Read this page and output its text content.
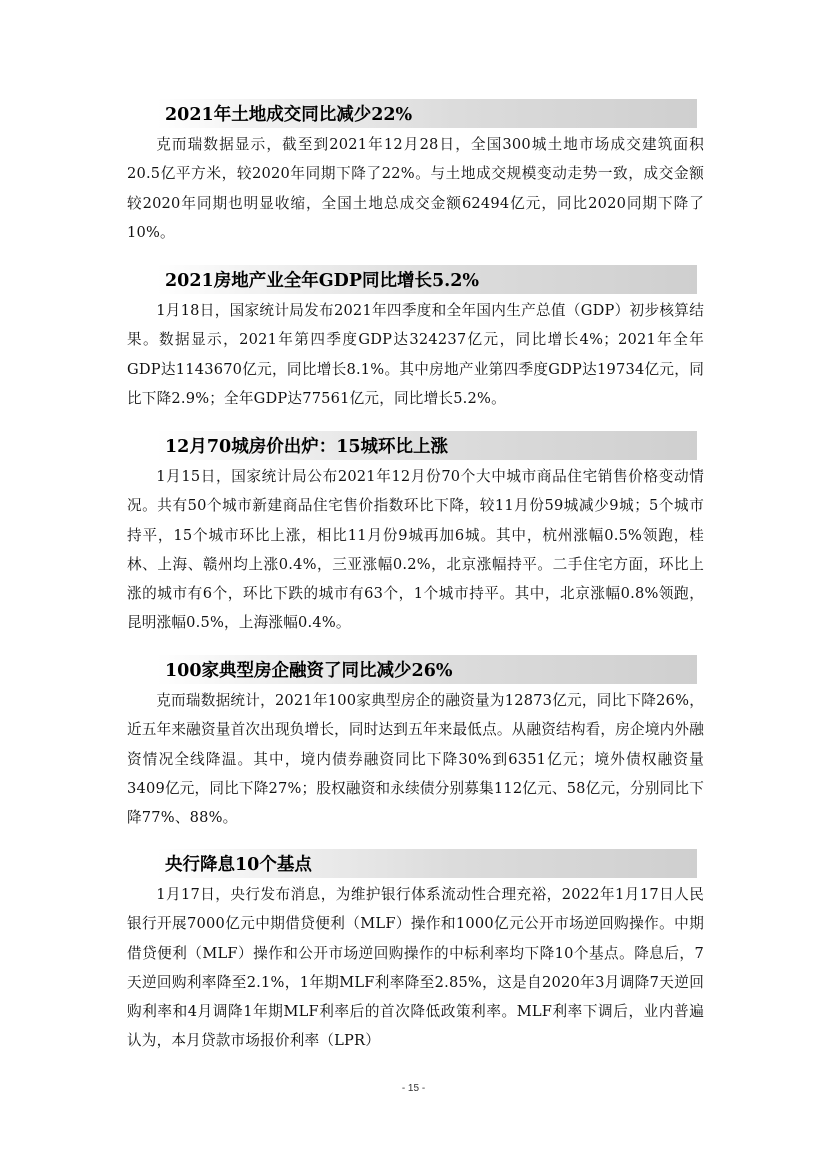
2021年土地成交同比减少22%
克而瑞数据显示，截至到2021年12月28日，全国300城土地市场成交建筑面积20.5亿平方米，较2020年同期下降了22%。与土地成交规模变动走势一致，成交金额较2020年同期也明显收缩，全国土地总成交金额62494亿元，同比2020同期下降了10%。
2021房地产业全年GDP同比增长5.2%
1月18日，国家统计局发布2021年四季度和全年国内生产总值（GDP）初步核算结果。数据显示，2021年第四季度GDP达324237亿元，同比增长4%；2021年全年GDP达1143670亿元，同比增长8.1%。其中房地产业第四季度GDP达19734亿元，同比下降2.9%；全年GDP达77561亿元，同比增长5.2%。
12月70城房价出炉：15城环比上涨
1月15日，国家统计局公布2021年12月份70个大中城市商品住宅销售价格变动情况。共有50个城市新建商品住宅售价指数环比下降，较11月份59城减少9城；5个城市持平，15个城市环比上涨，相比11月份9城再加6城。其中，杭州涨幅0.5%领跑，桂林、上海、赣州均上涨0.4%，三亚涨幅0.2%，北京涨幅持平。二手住宅方面，环比上涨的城市有6个，环比下跌的城市有63个，1个城市持平。其中，北京涨幅0.8%领跑，昆明涨幅0.5%，上海涨幅0.4%。
100家典型房企融资了同比减少26%
克而瑞数据统计，2021年100家典型房企的融资量为12873亿元，同比下降26%，近五年来融资量首次出现负增长，同时达到五年来最低点。从融资结构看，房企境内外融资情况全线降温。其中，境内债券融资同比下降30%到6351亿元；境外债权融资量3409亿元，同比下降27%；股权融资和永续债分别募集112亿元、58亿元，分别同比下降77%、88%。
央行降息10个基点
1月17日，央行发布消息，为维护银行体系流动性合理充裕，2022年1月17日人民银行开展7000亿元中期借贷便利（MLF）操作和1000亿元公开市场逆回购操作。中期借贷便利（MLF）操作和公开市场逆回购操作的中标利率均下降10个基点。降息后，7天逆回购利率降至2.1%，1年期MLF利率降至2.85%，这是自2020年3月调降7天逆回购利率和4月调降1年期MLF利率后的首次降低政策利率。MLF利率下调后，业内普遍认为，本月贷款市场报价利率（LPR）
- 15 -
